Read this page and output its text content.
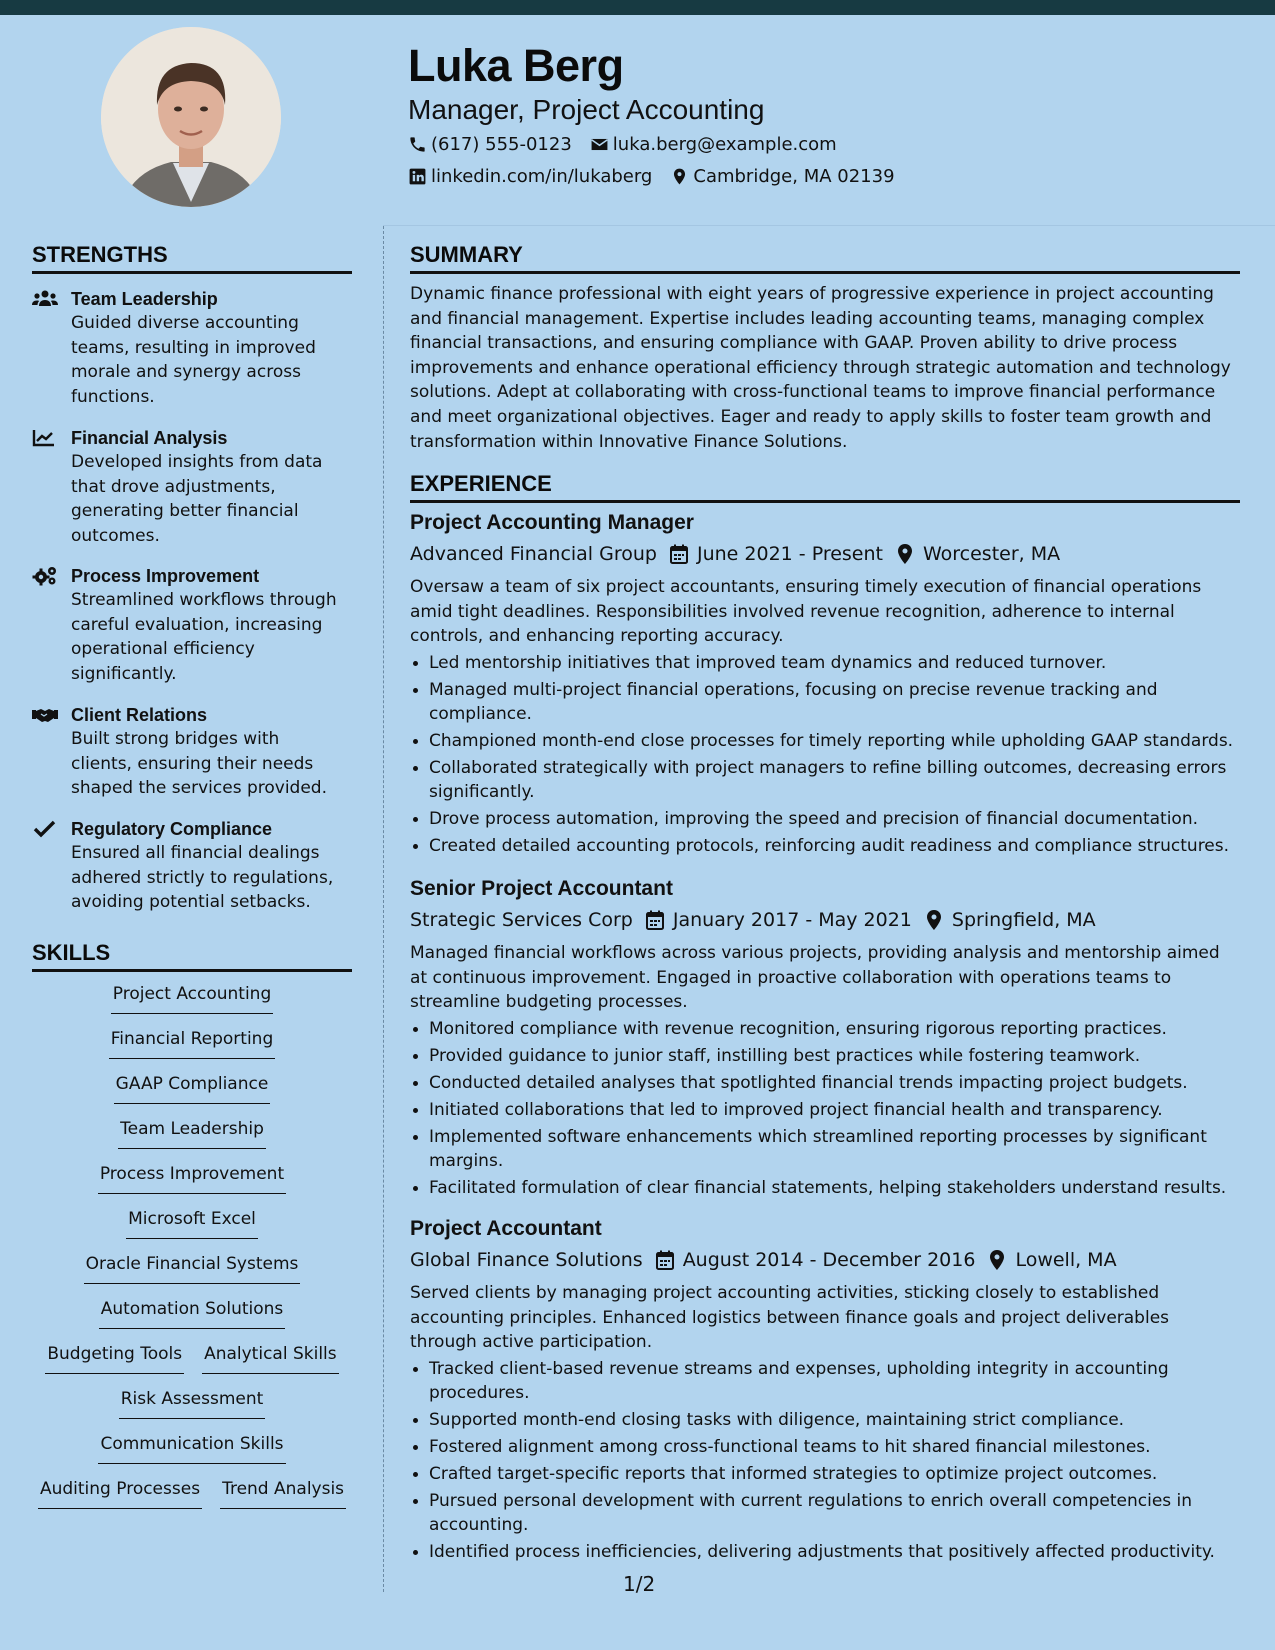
Luka Berg
Manager, Project Accounting
(617) 555-0123 luka.berg@example.com
linkedin.com/in/lukaberg Cambridge, MA 02139
STRENGTHS
Team Leadership
Guided diverse accounting teams, resulting in improved morale and synergy across functions.
Financial Analysis
Developed insights from data that drove adjustments, generating better financial outcomes.
Process Improvement
Streamlined workflows through careful evaluation, increasing operational efficiency significantly.
Client Relations
Built strong bridges with clients, ensuring their needs shaped the services provided.
Regulatory Compliance
Ensured all financial dealings adhered strictly to regulations, avoiding potential setbacks.
SKILLS
Project Accounting
Financial Reporting
GAAP Compliance
Team Leadership
Process Improvement
Microsoft Excel
Oracle Financial Systems
Automation Solutions
Budgeting Tools Analytical Skills
Risk Assessment
Communication Skills
Auditing Processes Trend Analysis
SUMMARY
Dynamic finance professional with eight years of progressive experience in project accounting and financial management. Expertise includes leading accounting teams, managing complex financial transactions, and ensuring compliance with GAAP. Proven ability to drive process improvements and enhance operational efficiency through strategic automation and technology solutions. Adept at collaborating with cross-functional teams to improve financial performance and meet organizational objectives. Eager and ready to apply skills to foster team growth and transformation within Innovative Finance Solutions.
EXPERIENCE
Project Accounting Manager
Advanced Financial Group June 2021 - Present Worcester, MA
Oversaw a team of six project accountants, ensuring timely execution of financial operations amid tight deadlines. Responsibilities involved revenue recognition, adherence to internal controls, and enhancing reporting accuracy.
Led mentorship initiatives that improved team dynamics and reduced turnover.
Managed multi-project financial operations, focusing on precise revenue tracking and compliance.
Championed month-end close processes for timely reporting while upholding GAAP standards.
Collaborated strategically with project managers to refine billing outcomes, decreasing errors significantly.
Drove process automation, improving the speed and precision of financial documentation.
Created detailed accounting protocols, reinforcing audit readiness and compliance structures.
Senior Project Accountant
Strategic Services Corp January 2017 - May 2021 Springfield, MA
Managed financial workflows across various projects, providing analysis and mentorship aimed at continuous improvement. Engaged in proactive collaboration with operations teams to streamline budgeting processes.
Monitored compliance with revenue recognition, ensuring rigorous reporting practices.
Provided guidance to junior staff, instilling best practices while fostering teamwork.
Conducted detailed analyses that spotlighted financial trends impacting project budgets.
Initiated collaborations that led to improved project financial health and transparency.
Implemented software enhancements which streamlined reporting processes by significant margins.
Facilitated formulation of clear financial statements, helping stakeholders understand results.
Project Accountant
Global Finance Solutions August 2014 - December 2016 Lowell, MA
Served clients by managing project accounting activities, sticking closely to established accounting principles. Enhanced logistics between finance goals and project deliverables through active participation.
Tracked client-based revenue streams and expenses, upholding integrity in accounting procedures.
Supported month-end closing tasks with diligence, maintaining strict compliance.
Fostered alignment among cross-functional teams to hit shared financial milestones.
Crafted target-specific reports that informed strategies to optimize project outcomes.
Pursued personal development with current regulations to enrich overall competencies in accounting.
Identified process inefficiencies, delivering adjustments that positively affected productivity.
1/2
